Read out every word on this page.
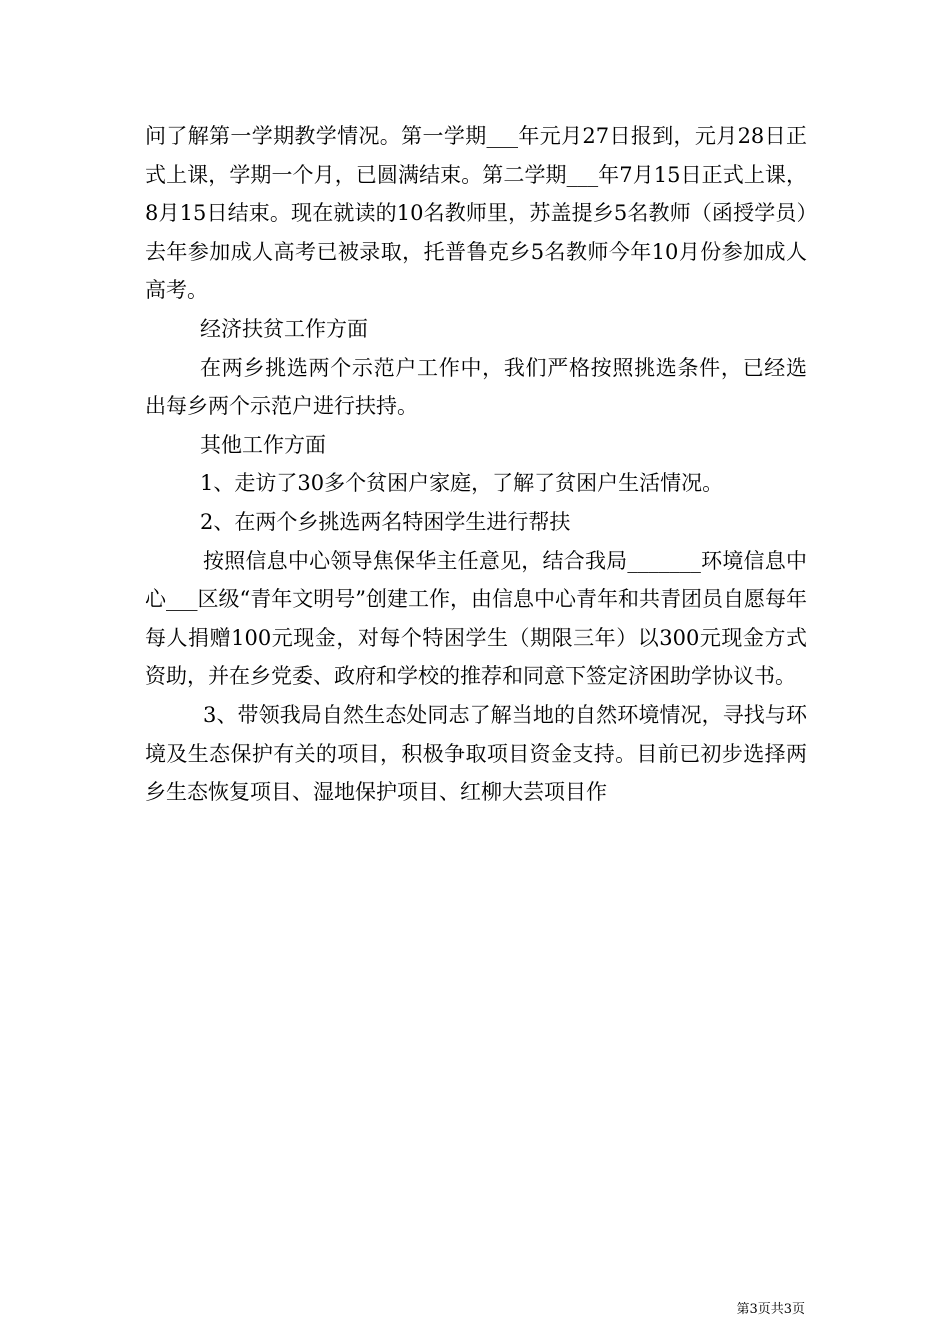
问了解第一学期教学情况。第一学期___年元月27日报到，元月28日正式上课，学期一个月，已圆满结束。第二学期___年7月15日正式上课，8月15日结束。现在就读的10名教师里，苏盖提乡5名教师（函授学员）去年参加成人高考已被录取，托普鲁克乡5名教师今年10月份参加成人高考。

经济扶贫工作方面

在两乡挑选两个示范户工作中，我们严格按照挑选条件，已经选出每乡两个示范户进行扶持。

其他工作方面

1、走访了30多个贫困户家庭，了解了贫困户生活情况。

2、在两个乡挑选两名特困学生进行帮扶

按照信息中心领导焦保华主任意见，结合我局_______环境信息中心___区级“青年文明号”创建工作，由信息中心青年和共青团员自愿每年每人捐赠100元现金，对每个特困学生（期限三年）以300元现金方式资助，并在乡党委、政府和学校的推荐和同意下签定济困助学协议书。

3、带领我局自然生态处同志了解当地的自然环境情况，寻找与环境及生态保护有关的项目，积极争取项目资金支持。目前已初步选择两乡生态恢复项目、湿地保护项目、红柳大芸项目作

第3页共3页
